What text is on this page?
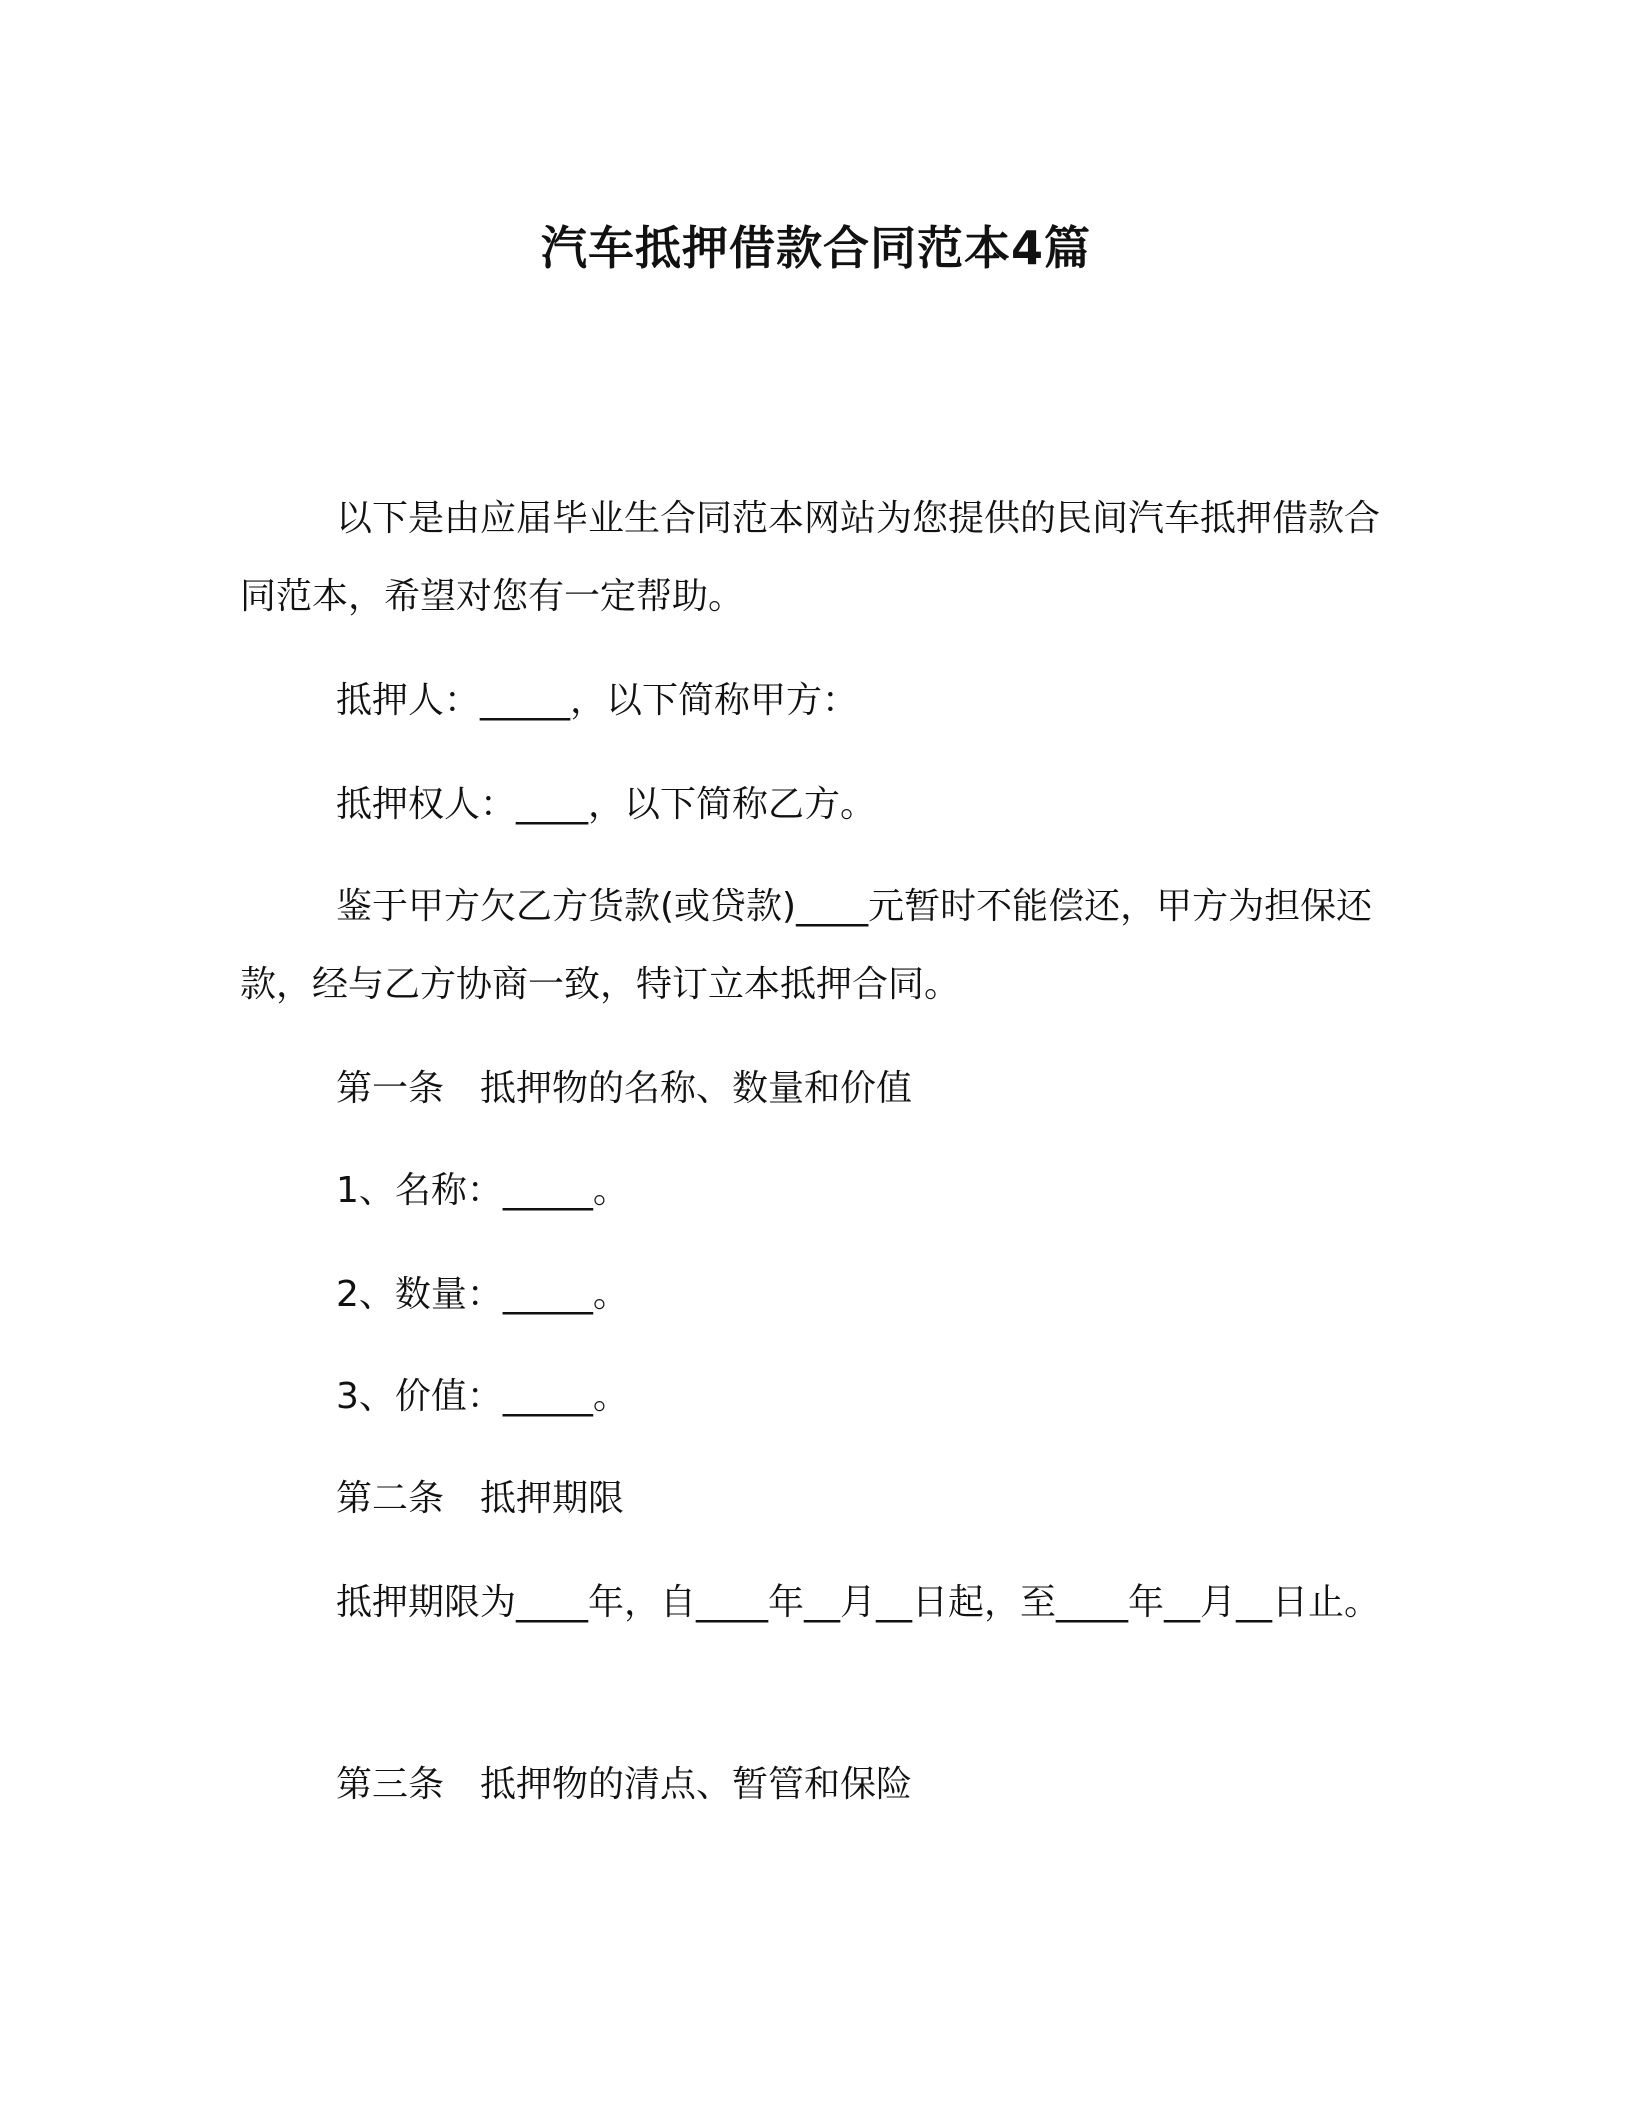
汽车抵押借款合同范本4篇

以下是由应届毕业生合同范本网站为您提供的民间汽车抵押借款合同范本，希望对您有一定帮助。

抵押人：_____，以下简称甲方：
抵押权人：____，以下简称乙方。

鉴于甲方欠乙方货款(或贷款)____元暂时不能偿还，甲方为担保还款，经与乙方协商一致，特订立本抵押合同。

第一条　抵押物的名称、数量和价值
1、名称：_____。
2、数量：_____。
3、价值：_____。
第二条　抵押期限

抵押期限为____年，自____年__月__日起，至____年__月__日止。

第三条　抵押物的清点、暂管和保险
